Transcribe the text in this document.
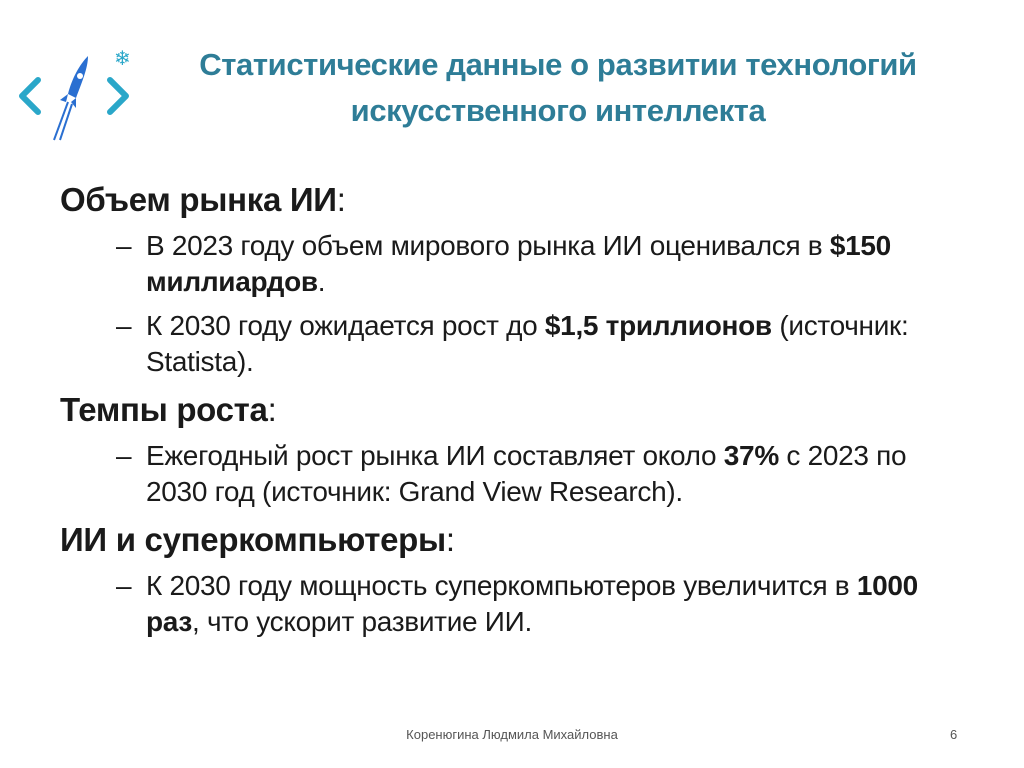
❄	Статистические данные о развитии технологий
искусственного интеллекта
Объем рынка ИИ:
– В 2023 году объем мирового рынка ИИ оценивался в $150 миллиардов.
– К 2030 году ожидается рост до $1,5 триллионов (источник: Statista).
Темпы роста:
– Ежегодный рост рынка ИИ составляет около 37% с 2023 по 2030 год (источник: Grand View Research).
ИИ и суперкомпьютеры:
– К 2030 году мощность суперкомпьютеров увеличится в 1000 раз, что ускорит развитие ИИ.
Коренюгина Людмила Михайловна	6
